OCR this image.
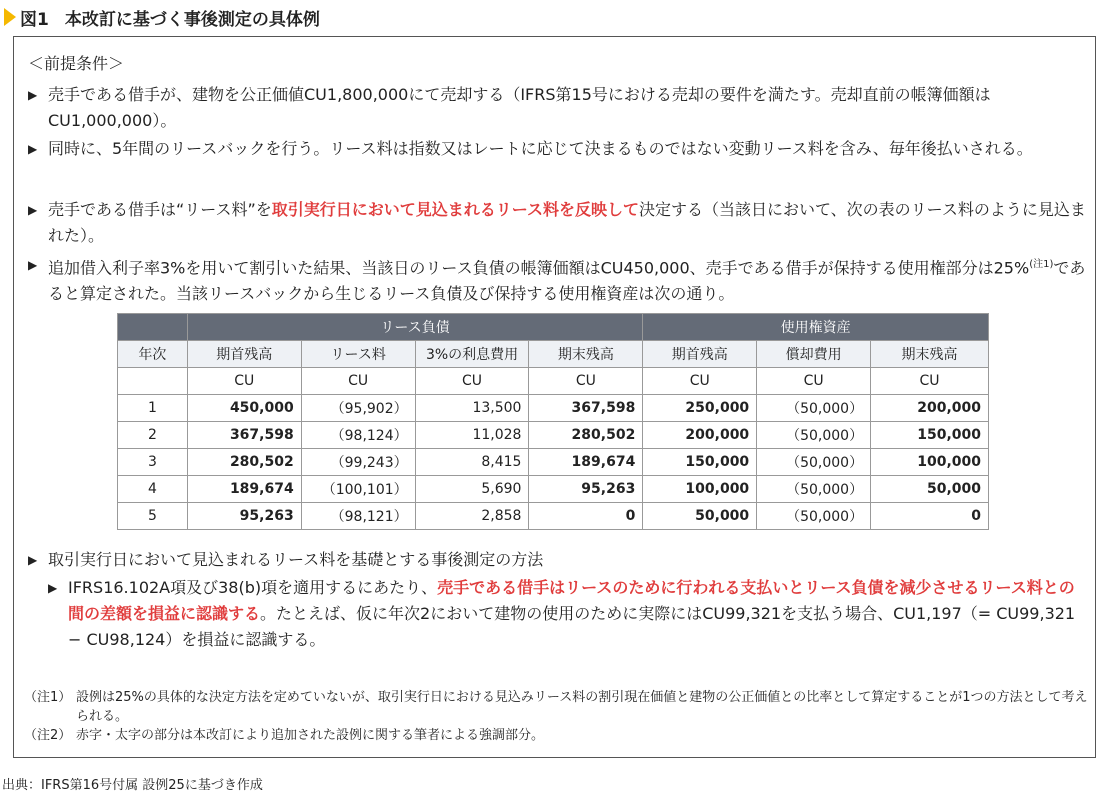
図1 本改訂に基づく事後測定の具体例
＜前提条件＞
▶ 売手である借手が、建物を公正価値CU1,800,000にて売却する（IFRS第15号における売却の要件を満たす。売却直前の帳簿価額はCU1,000,000）。
▶ 同時に、5年間のリースバックを行う。リース料は指数又はレートに応じて決まるものではない変動リース料を含み、毎年後払いされる。
▶ 売手である借手は“リース料”を取引実行日において見込まれるリース料を反映して決定する（当該日において、次の表のリース料のように見込まれた）。
▶ 追加借入利子率3%を用いて割引いた結果、当該日のリース負債の帳簿価額はCU450,000、売手である借手が保持する使用権部分は25%$^{(注1)}$であると算定された。当該リースバックから生じるリース負債及び保持する使用権資産は次の通り。
	リース負債				使用権資産		
年次	期首残高	リース料	3%の利息費用	期末残高	期首残高	償却費用	期末残高
	CU	CU	CU	CU	CU	CU	CU
1	450,000	（95,902）	13,500	367,598	250,000	（50,000）	200,000
2	367,598	（98,124）	11,028	280,502	200,000	（50,000）	150,000
3	280,502	（99,243）	8,415	189,674	150,000	（50,000）	100,000
4	189,674	（100,101）	5,690	95,263	100,000	（50,000）	50,000
5	95,263	（98,121）	2,858	0	50,000	（50,000）	0
▶ 取引実行日において見込まれるリース料を基礎とする事後測定の方法
▶ IFRS16.102A項及び38(b)項を適用するにあたり、売手である借手はリースのために行われる支払いとリース負債を減少させるリース料との間の差額を損益に認識する。たとえば、仮に年次2において建物の使用のために実際にはCU99,321を支払う場合、CU1,197（= CU99,321 − CU98,124）を損益に認識する。
（注1） 設例は25%の具体的な決定方法を定めていないが、取引実行日における見込みリース料の割引現在価値と建物の公正価値との比率として算定することが1つの方法として考えられる。
（注2） 赤字・太字の部分は本改訂により追加された設例に関する筆者による強調部分。
出典：IFRS第16号付属 設例25に基づき作成
